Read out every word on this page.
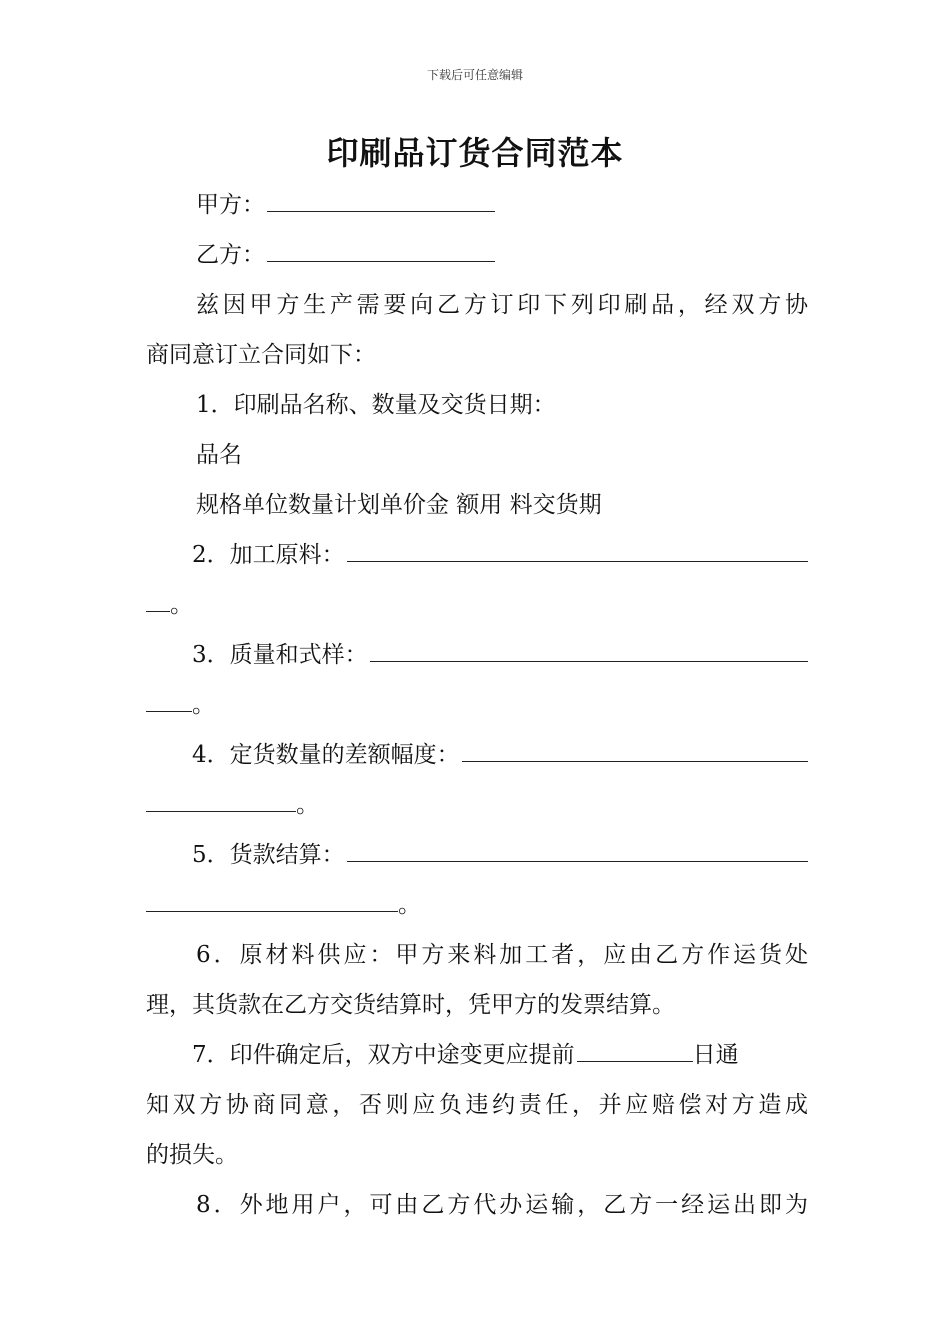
下载后可任意编辑
印刷品订货合同范本
甲方：
乙方：
兹因甲方生产需要向乙方订印下列印刷品，经双方协
商同意订立合同如下：
1．印刷品名称、数量及交货日期：
品名
规格单位数量计划单价金 额用 料交货期
2．加工原料：
。
3．质量和式样：
。
4．定货数量的差额幅度：
。
5．货款结算：
。
6．原材料供应：甲方来料加工者，应由乙方作运货处
理，其货款在乙方交货结算时，凭甲方的发票结算。
7．印件确定后，双方中途变更应提前	日通
知双方协商同意，否则应负违约责任，并应赔偿对方造成
的损失。
8．外地用户，可由乙方代办运输，乙方一经运出即为
